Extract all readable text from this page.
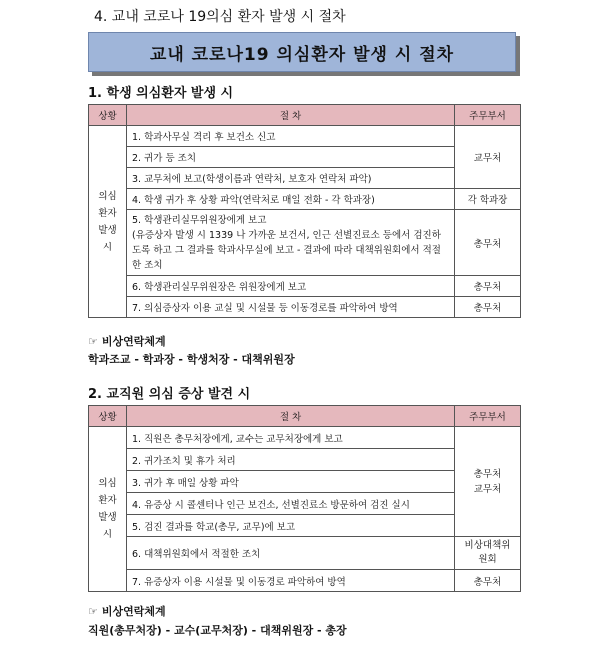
4. 교내 코로나 19의심 환자 발생 시 절차
교내 코로나19 의심환자 발생 시 절차
1. 학생 의심환자 발생 시
상황	절 차	주무부서
의심
환자
발생
시	1. 학과사무실 격리 후 보건소 신고	교무처
	2. 귀가 등 조치	
	3. 교무처에 보고(학생이름과 연락처, 보호자 연락처 파악)	
	4. 학생 귀가 후 상황 파악(연락처로 매일 전화 - 각 학과장)	각 학과장
	5. 학생관리실무위원장에게 보고
(유증상자 발생 시 1339 나 가까운 보건서, 인근 선별진료소 등에서 검진하도록 하고 그 결과를 학과사무실에 보고 - 결과에 따라 대책위원회에서 적절한 조치	총무처
	6. 학생관리실무위원장은 위원장에게 보고	총무처
	7. 의심증상자 이용 교실 및 시설물 등 이동경로를 파악하여 방역	총무처
☞ 비상연락체계
학과조교 - 학과장 - 학생처장 - 대책위원장
2. 교직원 의심 증상 발견 시
상황	절 차	주무부서
의심
환자
발생
시	1. 직원은 총무처장에게, 교수는 교무처장에게 보고	총무처
교무처
	2. 귀가조치 및 휴가 처리	
	3. 귀가 후 매일 상황 파악	
	4. 유증상 시 콜센터나 인근 보건소, 선별진료소 방문하여 검진 실시	
	5. 검진 결과를 학교(총무, 교무)에 보고	
	6. 대책위원회에서 적절한 조치	비상대책위
원회
	7. 유증상자 이용 시설물 및 이동경로 파악하여 방역	총무처
☞ 비상연락체계
직원(총무처장) - 교수(교무처장) - 대책위원장 - 총장
